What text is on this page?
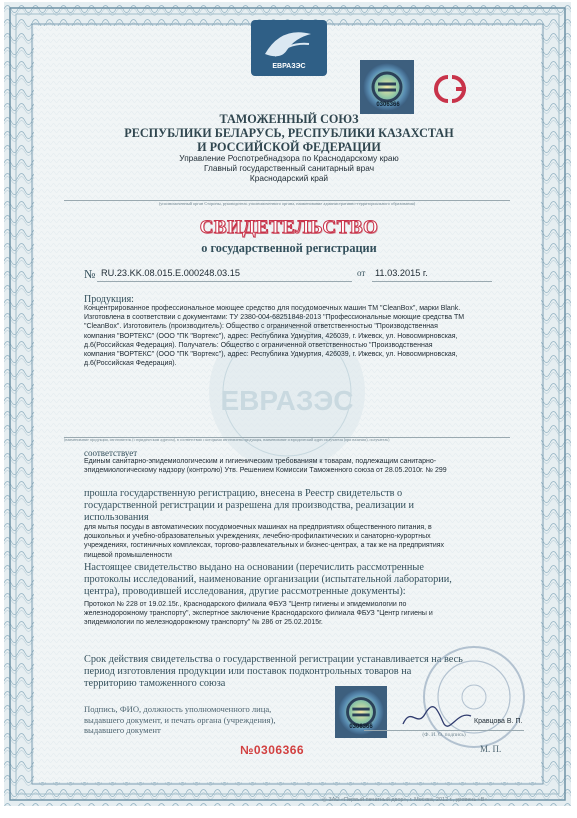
ЕВРАЗЭС
ЕВРАЗЭС
0306366
ТАМОЖЕННЫЙ СОЮЗ
РЕСПУБЛИКИ БЕЛАРУСЬ, РЕСПУБЛИКИ КАЗАХСТАН
И РОССИЙСКОЙ ФЕДЕРАЦИИ
Управление Роспотребнадзора по Краснодарскому краю
Главный государственный санитарный врач
Краснодарский край
(уполномоченный орган Стороны, руководитель уполномоченного органа, наименование административно-территориального образования)
СВИДЕТЕЛЬСТВО
о государственной регистрации
№ RU.23.KK.08.015.E.000248.03.15	от 11.03.2015 г.
Продукция:
Концентрированное профессиональное моющее средство для посудомоечных машин ТМ "CleanBox", марки Blank.
Изготовлена в соответствии с документами: ТУ 2380-004-68251848-2013 "Профессиональные моющие средства ТМ
"CleanBox". Изготовитель (производитель): Общество с ограниченной ответственностью "Производственная
компания "ВОРТЕКС" (ООО "ПК "Вортекс"), адрес: Республика Удмуртия, 426039, г. Ижевск, ул. Новосмирновская,
д.6(Российская Федерация). Получатель: Общество с ограниченной ответственностью "Производственная
компания "ВОРТЕКС" (ООО "ПК "Вортекс"), адрес: Республика Удмуртия, 426039, г. Ижевск, ул. Новосмирновская,
д.6(Российская Федерация).
(наименование продукции, изготовитель (с юридическим адресом), в соответствии с которыми изготовлена продукция, наименование и юридический адрес получателя (при наличии), получатель)
соответствует
Единым санитарно-эпидемиологическим и гигиеническим требованиям к товарам, подлежащим санитарно-
эпидемиологическому надзору (контролю) Утв. Решением Комиссии Таможенного союза от 28.05.2010г. № 299
прошла государственную регистрацию, внесена в Реестр свидетельств о
государственной регистрации и разрешена для производства, реализации и
использования
для мытья посуды в автоматических посудомоечных машинах на предприятиях общественного питания, в
дошкольных и учебно-образовательных учреждениях, лечебно-профилактических и санаторно-курортных
учреждениях, гостиничных комплексах, торгово-развлекательных и бизнес-центрах, а так же на предприятиях
пищевой промышленности
Настоящее свидетельство выдано на основании (перечислить рассмотренные
протоколы исследований, наименование организации (испытательной лаборатории,
центра), проводившей исследования, другие рассмотренные документы):
Протокол № 228 от 19.02.15г., Краснодарского филиала ФБУЗ "Центр гигиены и эпидемиологии по
железнодорожному транспорту", экспертное заключение Краснодарского филиала ФБУЗ "Центр гигиены и
эпидемиологии по железнодорожному транспорту" № 286 от 25.02.2015г.
Срок действия свидетельства о государственной регистрации устанавливается на весь
период изготовления продукции или поставок подконтрольных товаров на
территорию таможенного союза
Подпись, ФИО, должность уполномоченного лица,
выдавшего документ, и печать органа (учреждения),
выдавшего документ	0306366
Кравцова В. П.
(Ф. И. О. подпись)
№0306366	М. П.
◎ ЗАО «Первый печатный двор», г. Москва, 2012 г., уровень «В»
